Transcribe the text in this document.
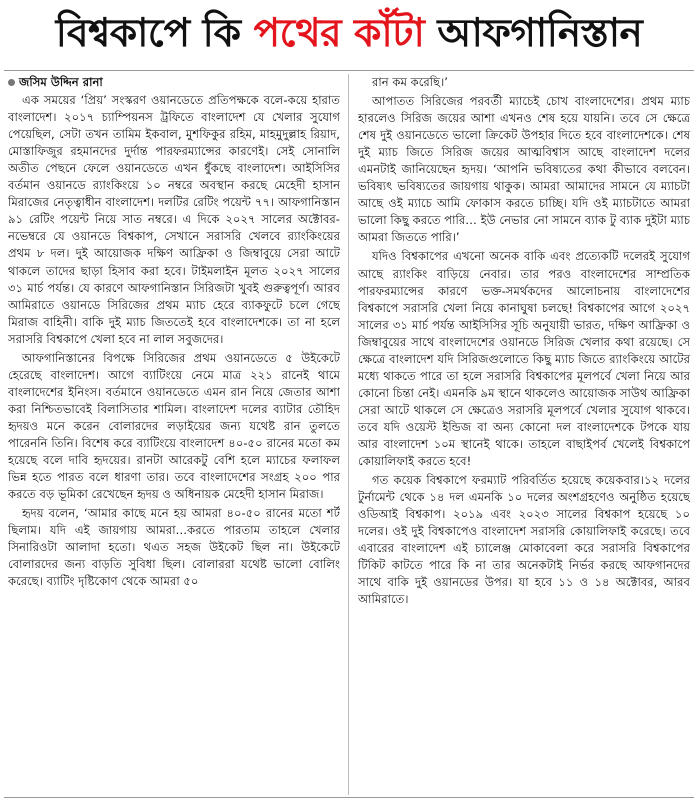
বিশ্বকাপে কি পথের কাঁটা আফগানিস্তান
জসিম উদ্দিন রানা

এক সময়ের ‘প্রিয়’ সংস্করণ ওয়ানডেতে প্রতিপক্ষকে বলে-কয়ে হারাত বাংলাদেশ। ২০১৭ চ্যাম্পিয়নস ট্রফিতে বাংলাদেশ যে খেলার সুযোগ পেয়েছিল, সেটা তখন তামিম ইকবাল, মুশফিকুর রহিম, মাহমুদুল্লাহ রিয়াদ, মোস্তাফিজুর রহমানদের দুর্দান্ত পারফরম্যান্সের কারণেই। সেই সোনালি অতীত পেছনে ফেলে ওয়ানডেতে এখন ধুঁকছে বাংলাদেশ। আইসিসির বর্তমান ওয়ানডে র‍্যাংকিংয়ে ১০ নম্বরে অবস্থান করছে মেহেদী হাসান মিরাজের নেতৃত্বাধীন বাংলাদেশ। দলটির রেটিং পয়েন্ট ৭৭। আফগানিস্তান ৯১ রেটিং পয়েন্ট নিয়ে সাত নম্বরে। এ দিকে ২০২৭ সালের অক্টোবর-নভেম্বরে যে ওয়ানডে বিশ্বকাপ, সেখানে সরাসরি খেলবে র‍্যাংকিংয়ের প্রথম ৮ দল। দুই আয়োজক দক্ষিণ আফ্রিকা ও জিম্বাবুয়ে সেরা আটে থাকলে তাদের ছাড়া হিসাব করা হবে। টাইমলাইন মূলত ২০২৭ সালের ৩১ মার্চ পর্যন্ত। যে কারণে আফগানিস্তান সিরিজটা খুবই গুরুত্বপূর্ণ। আরব আমিরাতে ওয়ানডে সিরিজের প্রথম ম্যাচ হেরে ব্যাকফুটে চলে গেছে মিরাজ বাহিনী। বাকি দুই ম্যাচ জিততেই হবে বাংলাদেশকে। তা না হলে সরাসরি বিশ্বকাপে খেলা হবে না লাল সবুজদের।

আফগানিস্তানের বিপক্ষে সিরিজের প্রথম ওয়ানডেতে ৫ উইকেটে হেরেছে বাংলাদেশ। আগে ব্যাটিংয়ে নেমে মাত্র ২২১ রানেই থামে বাংলাদেশের ইনিংস। বর্তমানে ওয়ানডেতে এমন রান নিয়ে জেতার আশা করা নিশ্চিতভাবেই বিলাসিতার শামিল। বাংলাদেশ দলের ব্যাটার তৌহিদ হৃদয়ও মনে করেন বোলারদের লড়াইয়ের জন্য যথেষ্ট রান তুলতে পারেননি তিনি। বিশেষ করে ব্যাটিংয়ে বাংলাদেশ ৪০-৫০ রানের মতো কম হয়েছে বলে দাবি হৃদয়ের। রানটা আরেকটু বেশি হলে ম্যাচের ফলাফল ভিন্ন হতে পারত বলে ধারণা তার। তবে বাংলাদেশের সংগ্রহ ২০০ পার করতে বড় ভূমিকা রেখেছেন হৃদয় ও অধিনায়ক মেহেদী হাসান মিরাজ।

হৃদয় বলেন, ‘আমার কাছে মনে হয় আমরা ৪০-৫০ রানের মতো শর্ট ছিলাম। যদি এই জায়গায় আমরা…করতে পারতাম তাহলে খেলার সিনারিওটা আলাদা হতো। থএত সহজ উইকেট ছিল না। উইকেটে বোলারদের জন্য বাড়তি সুবিধা ছিল। বোলাররা যথেষ্ট ভালো বোলিং করেছে। ব্যাটিং দৃষ্টিকোণ থেকে আমরা ৫০

রান কম করেছি।’

আপাতত সিরিজের পরবর্তী ম্যাচেই চোখ বাংলাদেশের। প্রথম ম্যাচ হারলেও সিরিজ জয়ের আশা এখনও শেষ হয়ে যায়নি। তবে সে ক্ষেত্রে শেষ দুই ওয়ানডেতে ভালো ক্রিকেট উপহার দিতে হবে বাংলাদেশকে। শেষ দুই ম্যাচ জিতে সিরিজ জয়ের আত্মবিশ্বাস আছে বাংলাদেশ দলের এমনটাই জানিয়েছেন হৃদয়। ‘আপনি ভবিষ্যতের কথা কীভাবে বলবেন। ভবিষ্যৎ ভবিষ্যতের জায়গায় থাকুক। আমরা আমাদের সামনে যে ম্যাচটা আছে ওই ম্যাচে আমি ফোকাস করতে চাচ্ছি। যদি ওই ম্যাচটাতে আমরা ভালো কিছু করতে পারি… ইউ নেভার নো সামনে ব্যাক টু ব্যাক দুইটা ম্যাচ আমরা জিততে পারি।’

যদিও বিশ্বকাপের এখনো অনেক বাকি এবং প্রত্যেকটি দলেরই সুযোগ আছে র‍্যাংকিং বাড়িয়ে নেবার। তার পরও বাংলাদেশের সাম্প্রতিক পারফরম্যান্সের কারণে ভক্ত-সমর্থকদের আলোচনায় বাংলাদেশের বিশ্বকাপে সরাসরি খেলা নিয়ে কানাঘুষা চলছে! বিশ্বকাপের আগে ২০২৭ সালের ৩১ মার্চ পর্যন্ত আইসিসির সূচি অনুযায়ী ভারত, দক্ষিণ আফ্রিকা ও জিম্বাবুয়ের সাথে বাংলাদেশের ওয়ানডে সিরিজ খেলার কথা রয়েছে। সে ক্ষেত্রে বাংলাদেশ যদি সিরিজগুলোতে কিছু ম্যাচ জিতে র‍্যাংকিংয়ে আটের মধ্যে থাকতে পারে তা হলে সরাসরি বিশ্বকাপের মূলপর্বে খেলা নিয়ে আর কোনো চিন্তা নেই। এমনকি ৯ম স্থানে থাকলেও আয়োজক সাউথ আফ্রিকা সেরা আটে থাকলে সে ক্ষেত্রেও সরাসরি মূলপর্বে খেলার সুযোগ থাকবে। তবে যদি ওয়েস্ট ইন্ডিজ বা অন্য কোনো দল বাংলাদেশকে টপকে যায় আর বাংলাদেশ ১০ম স্থানেই থাকে। তাহলে বাছাইপর্ব খেলেই বিশ্বকাপে কোয়ালিফাই করতে হবে!

গত কয়েক বিশ্বকাপে ফরম্যাট পরিবর্তিত হয়েছে কয়েকবার।১২ দলের টুর্নামেন্ট থেকে ১৪ দল এমনকি ১০ দলের অংশগ্রহণেও অনুষ্ঠিত হয়েছে ওডিআই বিশ্বকাপ। ২০১৯ এবং ২০২৩ সালের বিশ্বকাপ হয়েছে ১০ দলের। ওই দুই বিশ্বকাপেও বাংলাদেশ সরাসরি কোয়ালিফাই করেছে। তবে এবারের বাংলাদেশ এই চ্যালেঞ্জ মোকাবেলা করে সরাসরি বিশ্বকাপের টিকিট কাটতে পারে কি না তার অনেকটাই নির্ভর করছে আফগানদের সাথে বাকি দুই ওয়ানডের উপর। যা হবে ১১ ও ১৪ অক্টোবর, আরব আমিরাতে।
